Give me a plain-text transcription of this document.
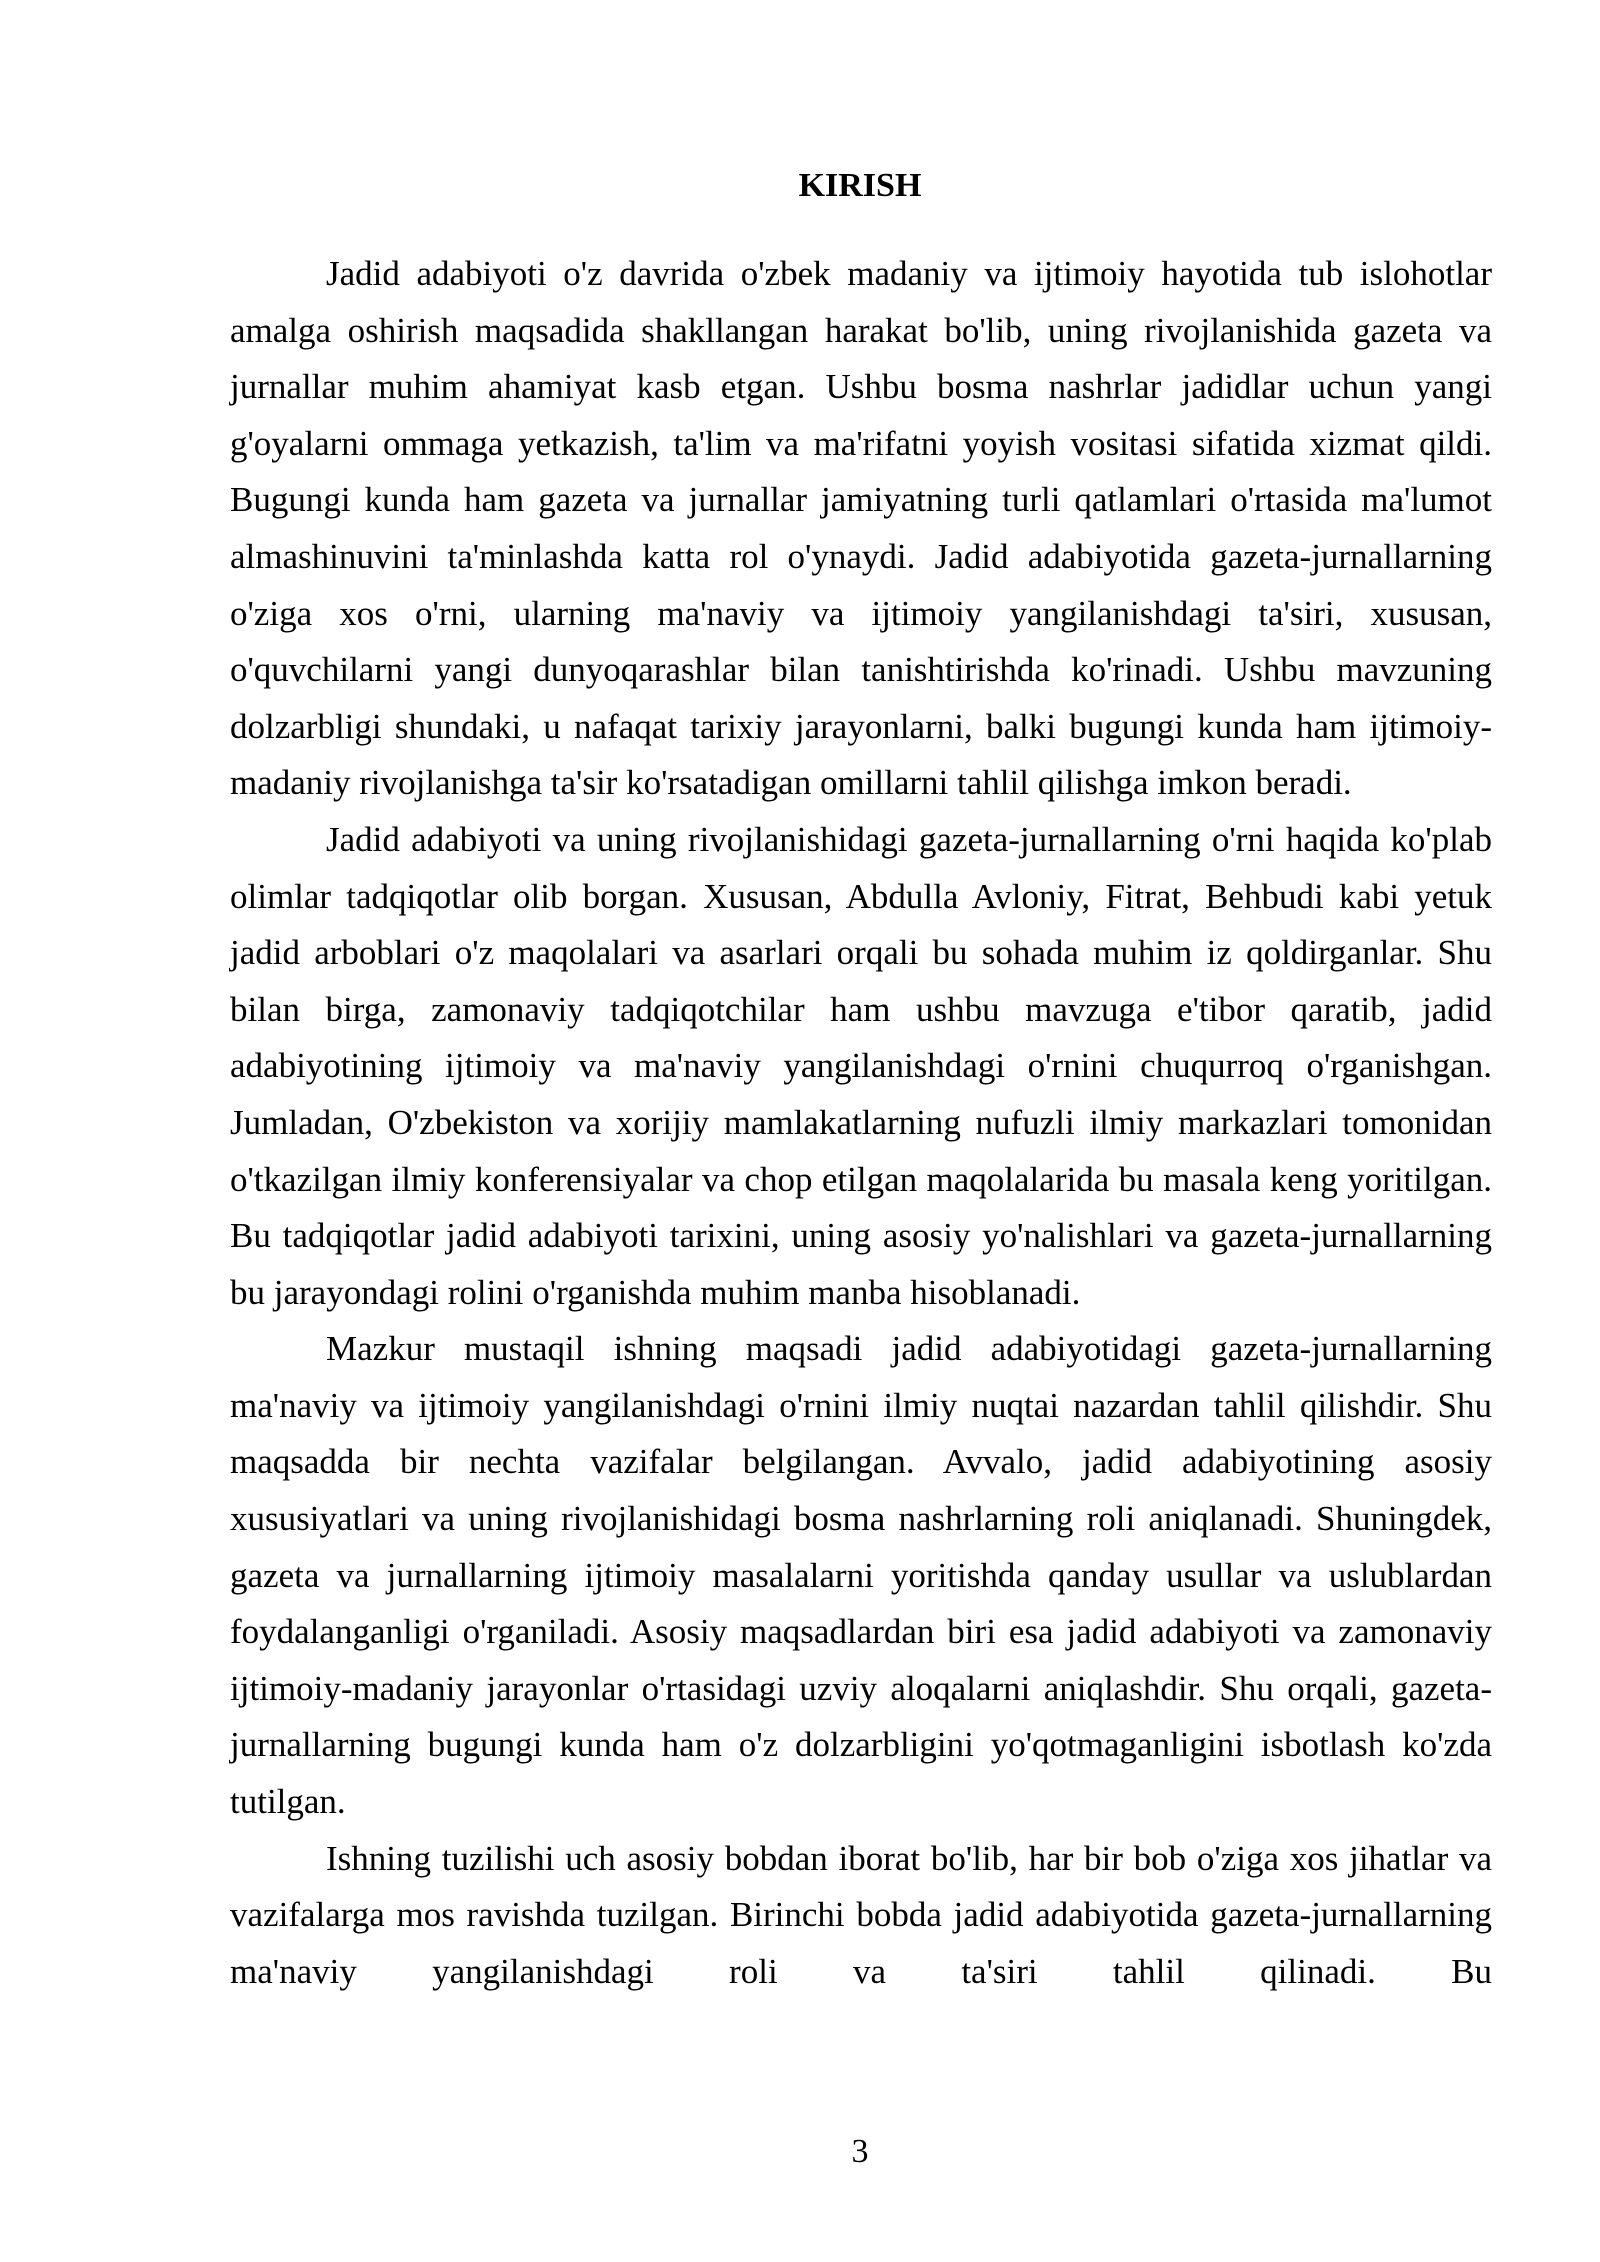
KIRISH

Jadid adabiyoti o'z davrida o'zbek madaniy va ijtimoiy hayotida tub islohotlar amalga oshirish maqsadida shakllangan harakat bo'lib, uning rivojlanishida gazeta va jurnallar muhim ahamiyat kasb etgan. Ushbu bosma nashrlar jadidlar uchun yangi g'oyalarni ommaga yetkazish, ta'lim va ma'rifatni yoyish vositasi sifatida xizmat qildi. Bugungi kunda ham gazeta va jurnallar jamiyatning turli qatlamlari o'rtasida ma'lumot almashinuvini ta'minlashda katta rol o'ynaydi. Jadid adabiyotida gazeta-jurnallarning o'ziga xos o'rni, ularning ma'naviy va ijtimoiy yangilanishdagi ta'siri, xususan, o'quvchilarni yangi dunyoqarashlar bilan tanishtirishda ko'rinadi. Ushbu mavzuning dolzarbligi shundaki, u nafaqat tarixiy jarayonlarni, balki bugungi kunda ham ijtimoiy-madaniy rivojlanishga ta'sir ko'rsatadigan omillarni tahlil qilishga imkon beradi.

Jadid adabiyoti va uning rivojlanishidagi gazeta-jurnallarning o'rni haqida ko'plab olimlar tadqiqotlar olib borgan. Xususan, Abdulla Avloniy, Fitrat, Behbudi kabi yetuk jadid arboblari o'z maqolalari va asarlari orqali bu sohada muhim iz qoldirganlar. Shu bilan birga, zamonaviy tadqiqotchilar ham ushbu mavzuga e'tibor qaratib, jadid adabiyotining ijtimoiy va ma'naviy yangilanishdagi o'rnini chuqurroq o'rganishgan. Jumladan, O'zbekiston va xorijiy mamlakatlarning nufuzli ilmiy markazlari tomonidan o'tkazilgan ilmiy konferensiyalar va chop etilgan maqolalarida bu masala keng yoritilgan. Bu tadqiqotlar jadid adabiyoti tarixini, uning asosiy yo'nalishlari va gazeta-jurnallarning bu jarayondagi rolini o'rganishda muhim manba hisoblanadi.

Mazkur mustaqil ishning maqsadi jadid adabiyotidagi gazeta-jurnallarning ma'naviy va ijtimoiy yangilanishdagi o'rnini ilmiy nuqtai nazardan tahlil qilishdir. Shu maqsadda bir nechta vazifalar belgilangan. Avvalo, jadid adabiyotining asosiy xususiyatlari va uning rivojlanishidagi bosma nashrlarning roli aniqlanadi. Shuningdek, gazeta va jurnallarning ijtimoiy masalalarni yoritishda qanday usullar va uslublardan foydalanganligi o'rganiladi. Asosiy maqsadlardan biri esa jadid adabiyoti va zamonaviy ijtimoiy-madaniy jarayonlar o'rtasidagi uzviy aloqalarni aniqlashdir. Shu orqali, gazeta-jurnallarning bugungi kunda ham o'z dolzarbligini yo'qotmaganligini isbotlash ko'zda tutilgan.

Ishning tuzilishi uch asosiy bobdan iborat bo'lib, har bir bob o'ziga xos jihatlar va vazifalarga mos ravishda tuzilgan. Birinchi bobda jadid adabiyotida gazeta-jurnallarning ma'naviy yangilanishdagi roli va ta'siri tahlil qilinadi. Bu

3
